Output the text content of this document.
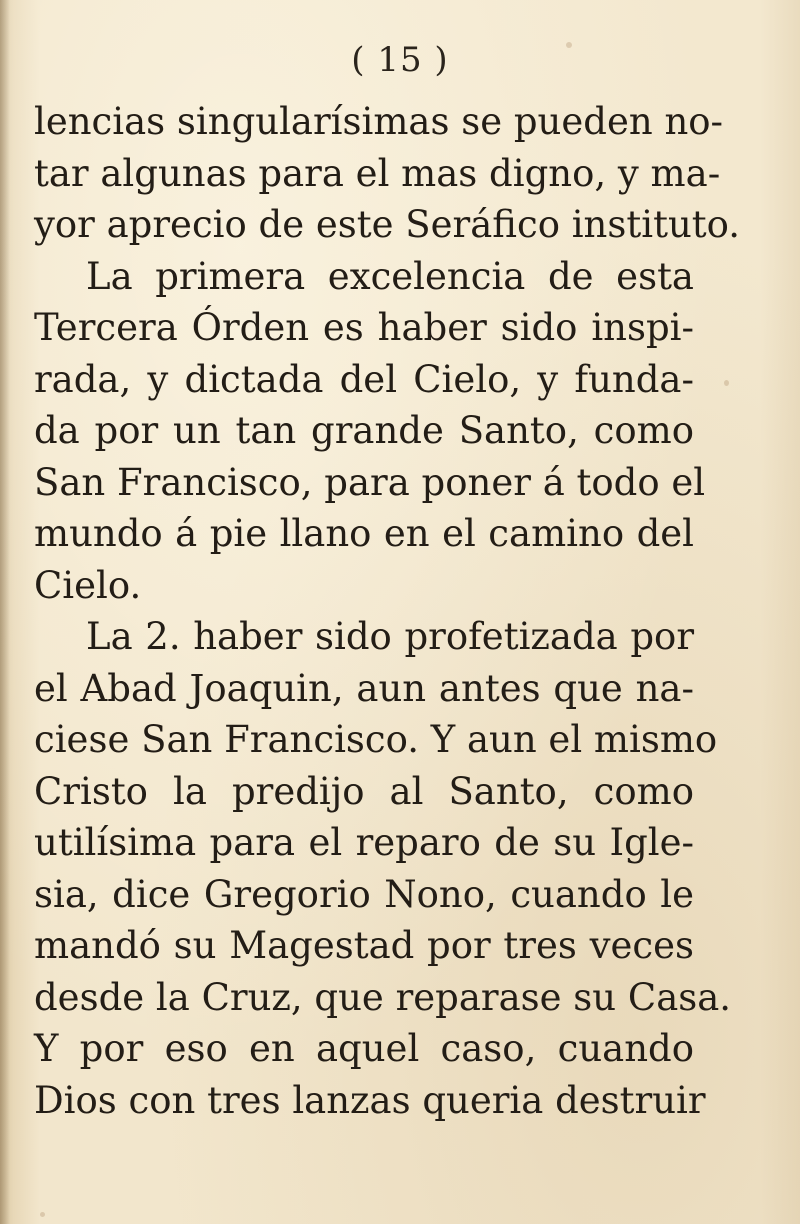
( 15 )
lencias singularísimas se pueden no-
tar algunas para el mas digno, y ma-
yor aprecio de este Seráfico instituto.
La primera excelencia de esta
Tercera Órden es haber sido inspi-
rada, y dictada del Cielo, y funda-
da por un tan grande Santo, como
San Francisco, para poner á todo el
mundo á pie llano en el camino del
Cielo.
La 2. haber sido profetizada por
el Abad Joaquin, aun antes que na-
ciese San Francisco. Y aun el mismo
Cristo la predijo al Santo, como
utilísima para el reparo de su Igle-
sia, dice Gregorio Nono, cuando le
mandó su Magestad por tres veces
desde la Cruz, que reparase su Casa.
Y por eso en aquel caso, cuando
Dios con tres lanzas queria destruir
